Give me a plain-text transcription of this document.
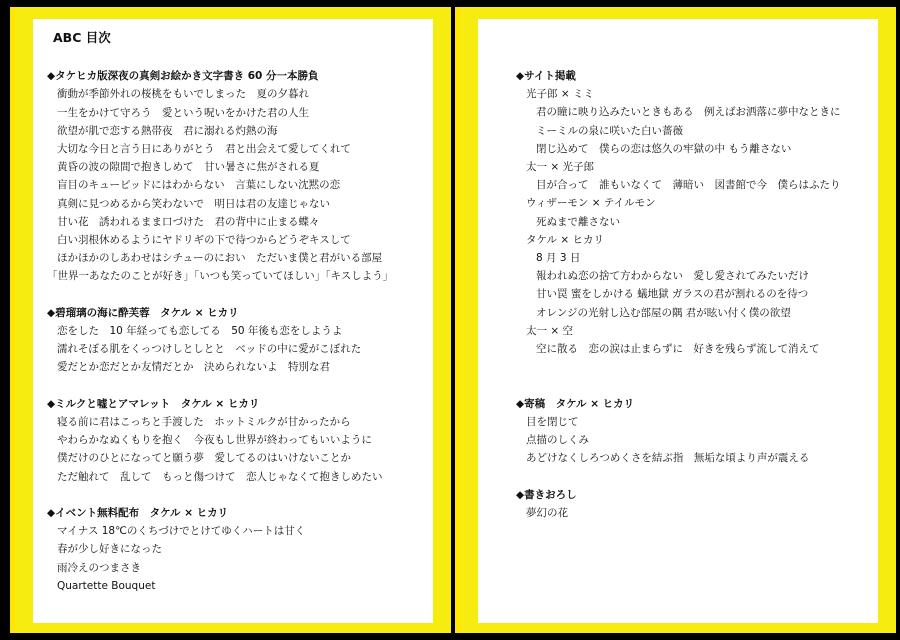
ABC 目次
◆タケヒカ版深夜の真剣お絵かき文字書き 60 分一本勝負
衝動が季節外れの桜桃をもいでしまった　夏の夕暮れ
一生をかけて守ろう　愛という呪いをかけた君の人生
欲望が肌で恋する熱帯夜　君に溺れる灼熱の海
大切な今日と言う日にありがとう　君と出会えて愛してくれて
黄昏の波の隙間で抱きしめて　甘い暑さに焦がされる夏
盲目のキューピッドにはわからない　言葉にしない沈黙の恋
真剣に見つめるから笑わないで　明日は君の友達じゃない
甘い花　誘われるまま口づけた　君の背中に止まる蝶々
白い羽根休めるようにヤドリギの下で待つからどうぞキスして
ほかほかのしあわせはシチューのにおい　ただいま僕と君がいる部屋
「世界一あなたのことが好き」「いつも笑っていてほしい」「キスしよう」
◆碧瑠璃の海に酔芙蓉　タケル × ヒカリ
恋をした　10 年経っても恋してる　50 年後も恋をしようよ
濡れそぼる肌をくっつけしとしとと　ベッドの中に愛がこぼれた
愛だとか恋だとか友情だとか　決められないよ　特別な君
◆ミルクと嘘とアマレット　タケル × ヒカリ
寝る前に君はこっちと手渡した　ホットミルクが甘かったから
やわらかなぬくもりを抱く　今夜もし世界が終わってもいいように
僕だけのひとになってと願う夢　愛してるのはいけないことか
ただ触れて　乱して　もっと傷つけて　恋人じゃなくて抱きしめたい
◆イベント無料配布　タケル × ヒカリ
マイナス 18℃のくちづけでとけてゆくハートは甘く
春が少し好きになった
雨冷えのつまさき
Quartette Bouquet
◆サイト掲載
光子郎 × ミミ
君の瞳に映り込みたいときもある　例えばお洒落に夢中なときに
ミーミルの泉に咲いた白い薔薇
閉じ込めて　僕らの恋は悠久の牢獄の中 もう離さない
太一 × 光子郎
目が合って　誰もいなくて　薄暗い　図書館で今　僕らはふたり
ウィザーモン × テイルモン
死ぬまで離さない
タケル × ヒカリ
8 月 3 日
報われぬ恋の捨て方わからない　愛し愛されてみたいだけ
甘い罠 蜜をしかける 蟻地獄 ガラスの君が割れるのを待つ
オレンジの光射し込む部屋の隅 君が眩い付く僕の欲望
太一 × 空
空に散る　恋の涙は止まらずに　好きを残らず流して消えて
◆寄稿　タケル × ヒカリ
目を閉じて
点描のしくみ
あどけなくしろつめくさを結ぶ指　無垢な頃より声が震える
◆書きおろし
夢幻の花
